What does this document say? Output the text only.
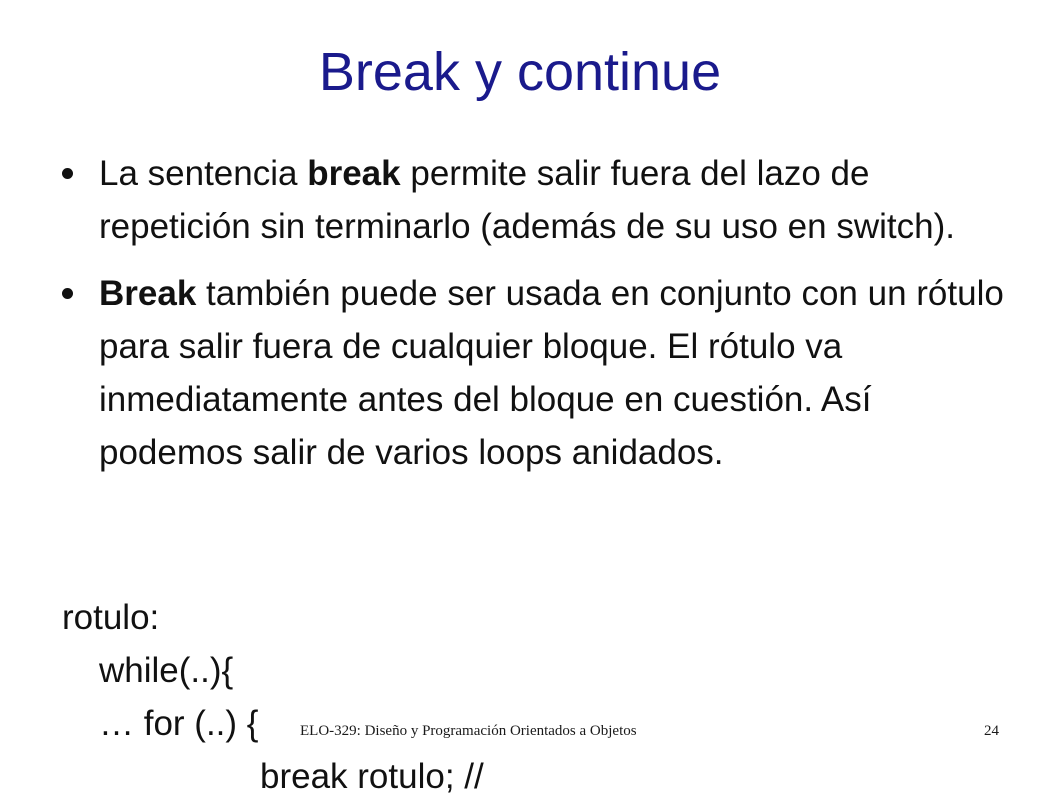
Break y continue
La sentencia break permite salir fuera del lazo de repetición sin terminarlo (además de su uso en switch).
Break también puede ser usada en conjunto con un rótulo para salir fuera de cualquier bloque. El rótulo va inmediatamente antes del bloque en cuestión. Así podemos salir de varios loops anidados.
rotulo:
while(..){
… for (..) {
break rotulo; //
ELO-329: Diseño y Programación Orientados a Objetos	24
